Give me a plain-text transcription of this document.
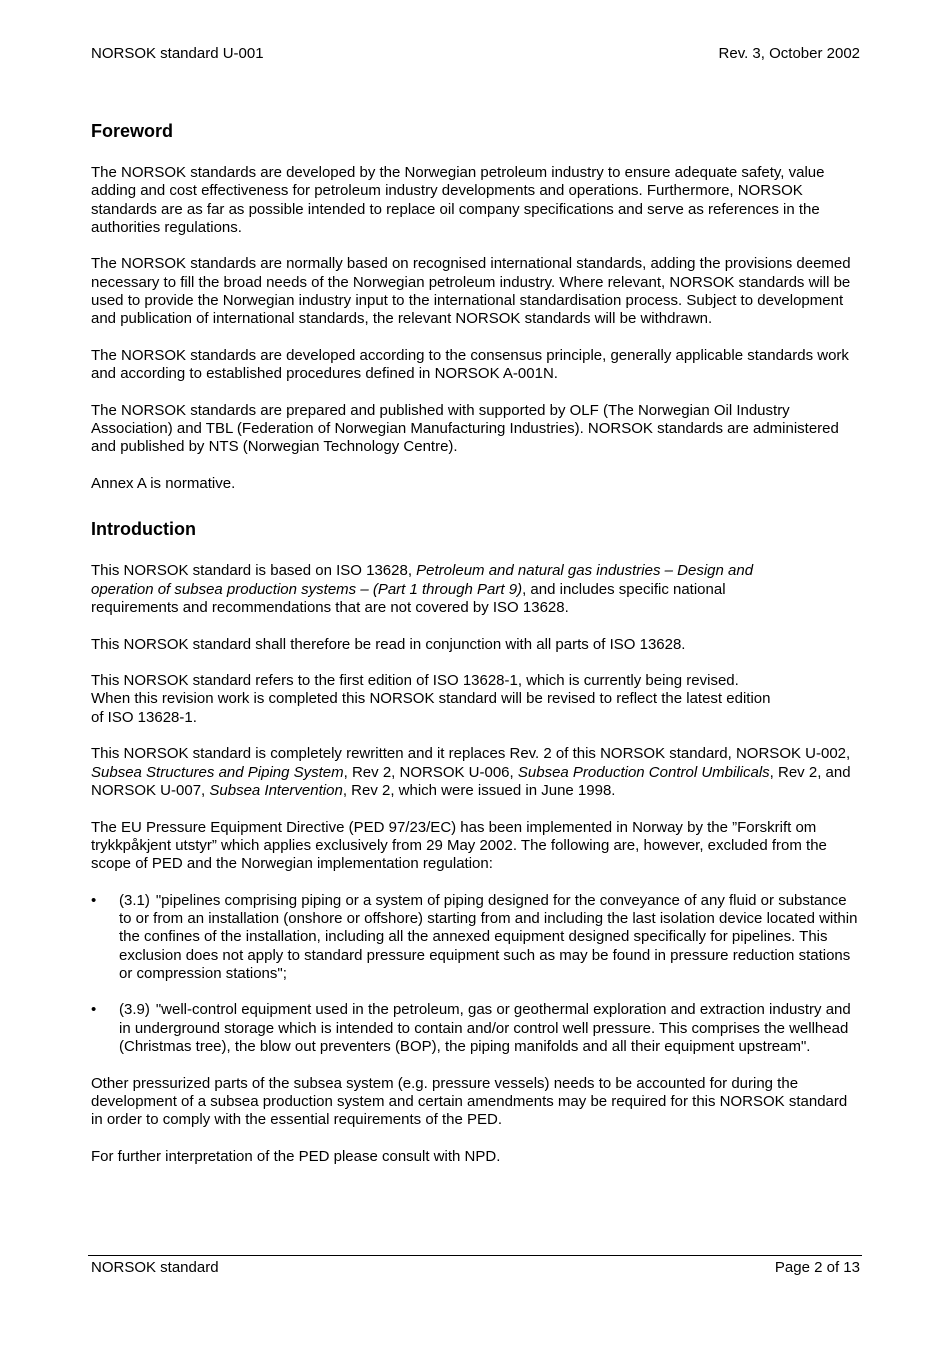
NORSOK standard U-001	Rev. 3, October 2002
Foreword

The NORSOK standards are developed by the Norwegian petroleum industry to ensure adequate safety, value adding and cost effectiveness for petroleum industry developments and operations. Furthermore, NORSOK standards are as far as possible intended to replace oil company specifications and serve as references in the authorities regulations.

The NORSOK standards are normally based on recognised international standards, adding the provisions deemed necessary to fill the broad needs of the Norwegian petroleum industry. Where relevant, NORSOK standards will be used to provide the Norwegian industry input to the international standardisation process. Subject to development and publication of international standards, the relevant NORSOK standards will be withdrawn.

The NORSOK standards are developed according to the consensus principle, generally applicable standards work and according to established procedures defined in NORSOK A-001N.

The NORSOK standards are prepared and published with supported by OLF (The Norwegian Oil Industry Association) and TBL (Federation of Norwegian Manufacturing Industries). NORSOK standards are administered and published by NTS (Norwegian Technology Centre).

Annex A is normative.

Introduction

This NORSOK standard is based on ISO 13628, Petroleum and natural gas industries – Design and operation of subsea production systems – (Part 1 through Part 9), and includes specific national requirements and recommendations that are not covered by ISO 13628.

This NORSOK standard shall therefore be read in conjunction with all parts of ISO 13628.

This NORSOK standard refers to the first edition of ISO 13628-1, which is currently being revised. When this revision work is completed this NORSOK standard will be revised to reflect the latest edition of ISO 13628-1.

This NORSOK standard is completely rewritten and it replaces Rev. 2 of this NORSOK standard, NORSOK U-002, Subsea Structures and Piping System, Rev 2, NORSOK U-006, Subsea Production Control Umbilicals, Rev 2, and NORSOK U-007, Subsea Intervention, Rev 2, which were issued in June 1998.

The EU Pressure Equipment Directive (PED 97/23/EC) has been implemented in Norway by the ”Forskrift om trykkpåkjent utstyr” which applies exclusively from 29 May 2002. The following are, however, excluded from the scope of PED and the Norwegian implementation regulation:

• (3.1) "pipelines comprising piping or a system of piping designed for the conveyance of any fluid or substance to or from an installation (onshore or offshore) starting from and including the last isolation device located within the confines of the installation, including all the annexed equipment designed specifically for pipelines. This exclusion does not apply to standard pressure equipment such as may be found in pressure reduction stations or compression stations";
• (3.9) "well-control equipment used in the petroleum, gas or geothermal exploration and extraction industry and in underground storage which is intended to contain and/or control well pressure. This comprises the wellhead (Christmas tree), the blow out preventers (BOP), the piping manifolds and all their equipment upstream".

Other pressurized parts of the subsea system (e.g. pressure vessels) needs to be accounted for during the development of a subsea production system and certain amendments may be required for this NORSOK standard in order to comply with the essential requirements of the PED.

For further interpretation of the PED please consult with NPD.

NORSOK standard	Page 2 of 13
